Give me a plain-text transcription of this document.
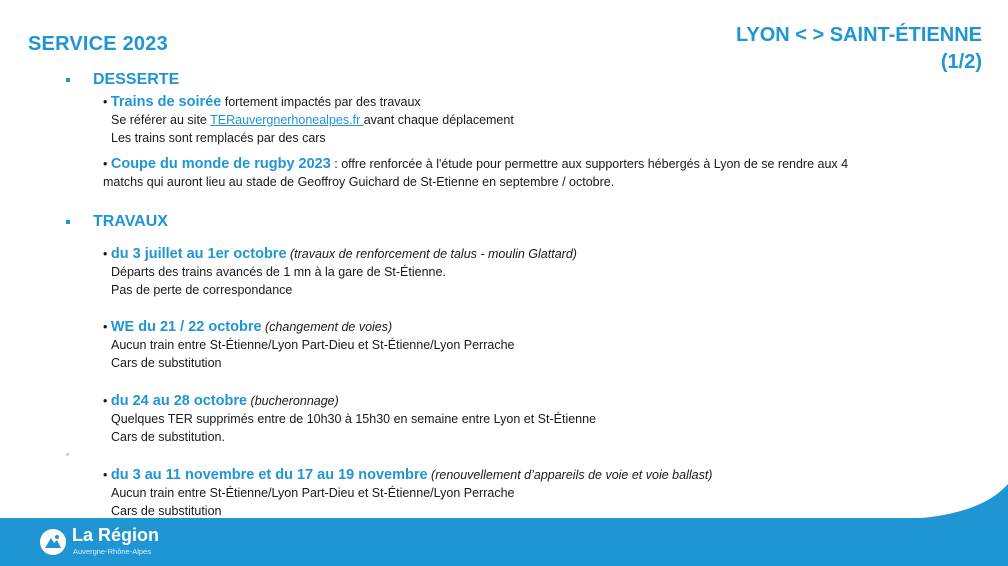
SERVICE 2023	LYON < > SAINT-ÉTIENNE
(1/2)
DESSERTE
• Trains de soirée fortement impactés par des travaux
Se référer au site TERauvergnerhonealpes.fr avant chaque déplacement
Les trains sont remplacés par des cars
• Coupe du monde de rugby 2023 : offre renforcée à l'étude pour permettre aux supporters hébergés à Lyon de se rendre aux 4
matchs qui auront lieu au stade de Geoffroy Guichard de St-Etienne en septembre / octobre.
TRAVAUX
• du 3 juillet au 1er octobre (travaux de renforcement de talus - moulin Glattard)
Départs des trains avancés de 1 mn à la gare de St-Étienne.
Pas de perte de correspondance
• WE du 21 / 22 octobre (changement de voies)
Aucun train entre St-Étienne/Lyon Part-Dieu et St-Étienne/Lyon Perrache
Cars de substitution
• du 24 au 28 octobre (bucheronnage)
Quelques TER supprimés entre de 10h30 à 15h30 en semaine entre Lyon et St-Étienne
Cars de substitution.
• du 3 au 11 novembre et du 17 au 19 novembre (renouvellement d’appareils de voie et voie ballast)
Aucun train entre St-Étienne/Lyon Part-Dieu et St-Étienne/Lyon Perrache
Cars de substitution
La Région
Auvergne-Rhône-Alpes
